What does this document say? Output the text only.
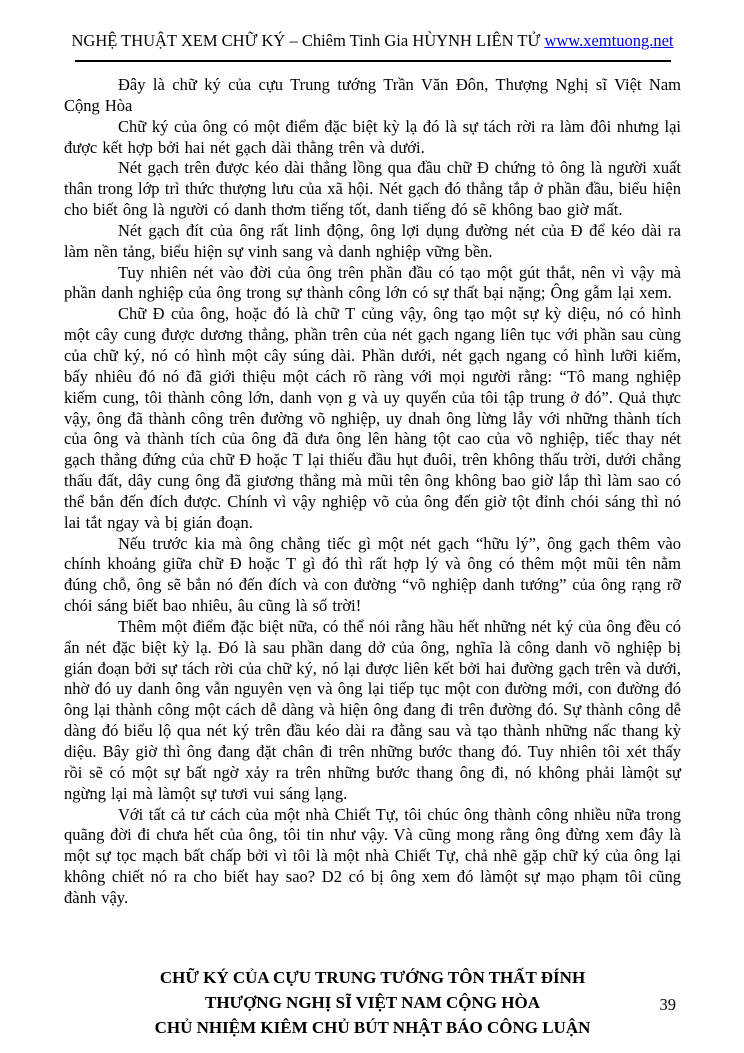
NGHỆ THUẬT XEM CHỮ KÝ – Chiêm Tinh Gia HÙYNH LIÊN TỬ www.xemtuong.net

Đây là chữ ký của cựu Trung tướng Trần Văn Đôn, Thượng Nghị sĩ Việt Nam Cộng Hòa

Chữ ký của ông có một điểm đặc biệt kỳ lạ đó là sự tách rời ra làm đôi nhưng lại được kết hợp bởi hai nét gạch dài thằng trên và dưới.

Nét gạch trên được kéo dài thẳng lồng qua đầu chữ Đ chứng tỏ ông là người xuất thân trong lớp trì thức thượng lưu của xã hội. Nét gạch đó thẳng tắp ở phần đầu, biểu hiện cho biết ông là người có danh thơm tiếng tốt, danh tiếng đó sẽ không bao giờ mất.

Nét gạch đít của ông rất linh động, ông lợi dụng đường nét của Đ để kéo dài ra làm nền tảng, biểu hiện sự vinh sang và danh nghiệp vững bền.

Tuy nhiên nét vào đời của ông trên phần đầu có tạo một gút thắt, nên vì vậy mà phần danh nghiệp của ông trong sự thành công lớn có sự thất bại nặng; Ông gẫm lại xem.

Chữ Đ của ông, hoặc đó là chữ T củng vậy, ông tạo một sự kỳ diệu, nó có hình một cây cung được dương thẳng, phần trên của nét gạch ngang liên tục với phần sau cùng của chữ ký, nó có hình một cây súng dài. Phần dưới, nét gạch ngang có hình lưỡi kiếm, bấy nhiêu đó nó đã giới thiệu một cách rõ ràng với mọi người rằng: “Tô mang nghiệp kiếm cung, tôi thành công lớn, danh vọn g và uy quyến của tôi tập trung ở đó”. Quả thực vậy, ông đã thành công trên đường võ nghiệp, uy dnah ông lừng lẫy với những thành tích của ông và thành tích của ông đã đưa ông lên hàng tột cao của võ nghiệp, tiếc thay nét gạch thẳng đứng của chữ Đ hoặc T lại thiếu đầu hụt đuôi, trên không thấu trời, dưới chẳng thấu đất, dây cung ông đã giương thẳng mà mũi tên ông không bao giờ lắp thì làm sao có thể bắn đến đích được. Chính vì vậy nghiệp võ của ông đến giờ tột đỉnh chói sáng thì nó lai tắt ngay và bị gián đoạn.

Nếu trước kia mà ông chẳng tiếc gì một nét gạch “hữu lý”, ông gạch thêm vào chính khoảng giữa chữ Đ hoặc T gì đó thì rất hợp lý và ông có thêm một mũi tên nằm đúng chỗ, ông sẽ bắn nó đến đích và con đường “võ nghiệp danh tướng” của ông rạng rỡ chói sáng biết bao nhiêu, âu cũng là số trời!

Thêm một điểm đặc biệt nữa, có thể nói rằng hầu hết những nét ký của ông đều có ẩn nét đặc biệt kỳ lạ. Đó là sau phần dang dở của ông, nghĩa là công danh võ nghiệp bị gián đoạn bởi sự tách rời của chữ ký, nó lại được liên kết bởi hai đường gạch trên và dưới, nhờ đó uy danh ông vẫn nguyên vẹn và ông lại tiếp tục một con đường mới, con đường đó ông lại thành công một cách dễ dàng và hiện ông đang đi trên đường đó. Sự thành công dễ dàng đó biểu lộ qua nét ký trên đầu kéo dài ra đằng sau và tạo thành những nấc thang kỳ diệu. Bây giờ thì ông đang đặt chân đi trên những bước thang đó. Tuy nhiên tôi xét thấy rồi sẽ có một sự bất ngờ xảy ra trên những bước thang ông đi, nó không phải làmột sự ngừng lại mà làmột sự tươi vui sáng lạng.

Với tất cả tư cách của một nhà Chiết Tự, tôi chúc ông thành công nhiều nữa trong quãng đời đi chưa hết của ông, tôi tin như vậy. Và cũng mong rằng ông đừng xem đây là một sự tọc mạch bất chấp bởi vì tôi là một nhà Chiết Tự, chả nhẽ gặp chữ ký của ông lại không chiết nó ra cho biết hay sao? D2 có bị ông xem đó làmột sự mạo phạm tôi cũng đành vậy.

CHỮ KÝ CỦA CỰU TRUNG TƯỚNG TÔN THẤT ĐÍNH
THƯỢNG NGHỊ SĨ VIỆT NAM CỘNG HÒA
CHỦ NHIỆM KIÊM CHỦ BÚT NHẬT BÁO CÔNG LUẬN
39
